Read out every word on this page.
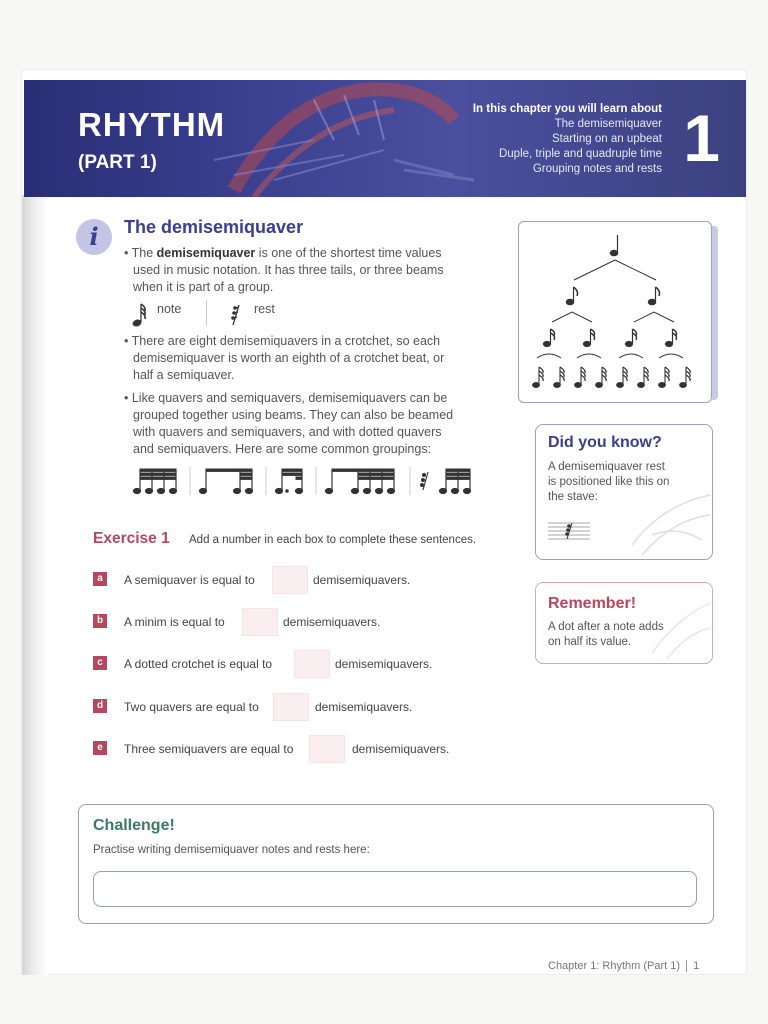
RHYTHM
(PART 1)
In this chapter you will learn about
The demisemiquaver
Starting on an upbeat
Duple, triple and quadruple time
Grouping notes and rests 1
i	The demisemiquaver
• The demisemiquaver is one of the shortest time values
used in music notation. It has three tails, or three beams
when it is part of a group.
note	rest
• There are eight demisemiquavers in a crotchet, so each
demisemiquaver is worth an eighth of a crotchet beat, or
half a semiquaver.
• Like quavers and semiquavers, demisemiquavers can be
grouped together using beams. They can also be beamed
with quavers and semiquavers, and with dotted quavers
and semiquavers. Here are some common groupings:	Did you know?
A demisemiquaver rest
is positioned like this on
the stave:
Remember!
A dot after a note adds
on half its value.
Exercise 1 Add a number in each box to complete these sentences.
a	A semiquaver is equal to	demisemiquavers.
b	A minim is equal to	demisemiquavers.
c	A dotted crotchet is equal to	demisemiquavers.
d	Two quavers are equal to	demisemiquavers.
e	Three semiquavers are equal to	demisemiquavers.
Challenge!
Practise writing demisemiquaver notes and rests here:
Chapter 1: Rhythm (Part 1) 1
